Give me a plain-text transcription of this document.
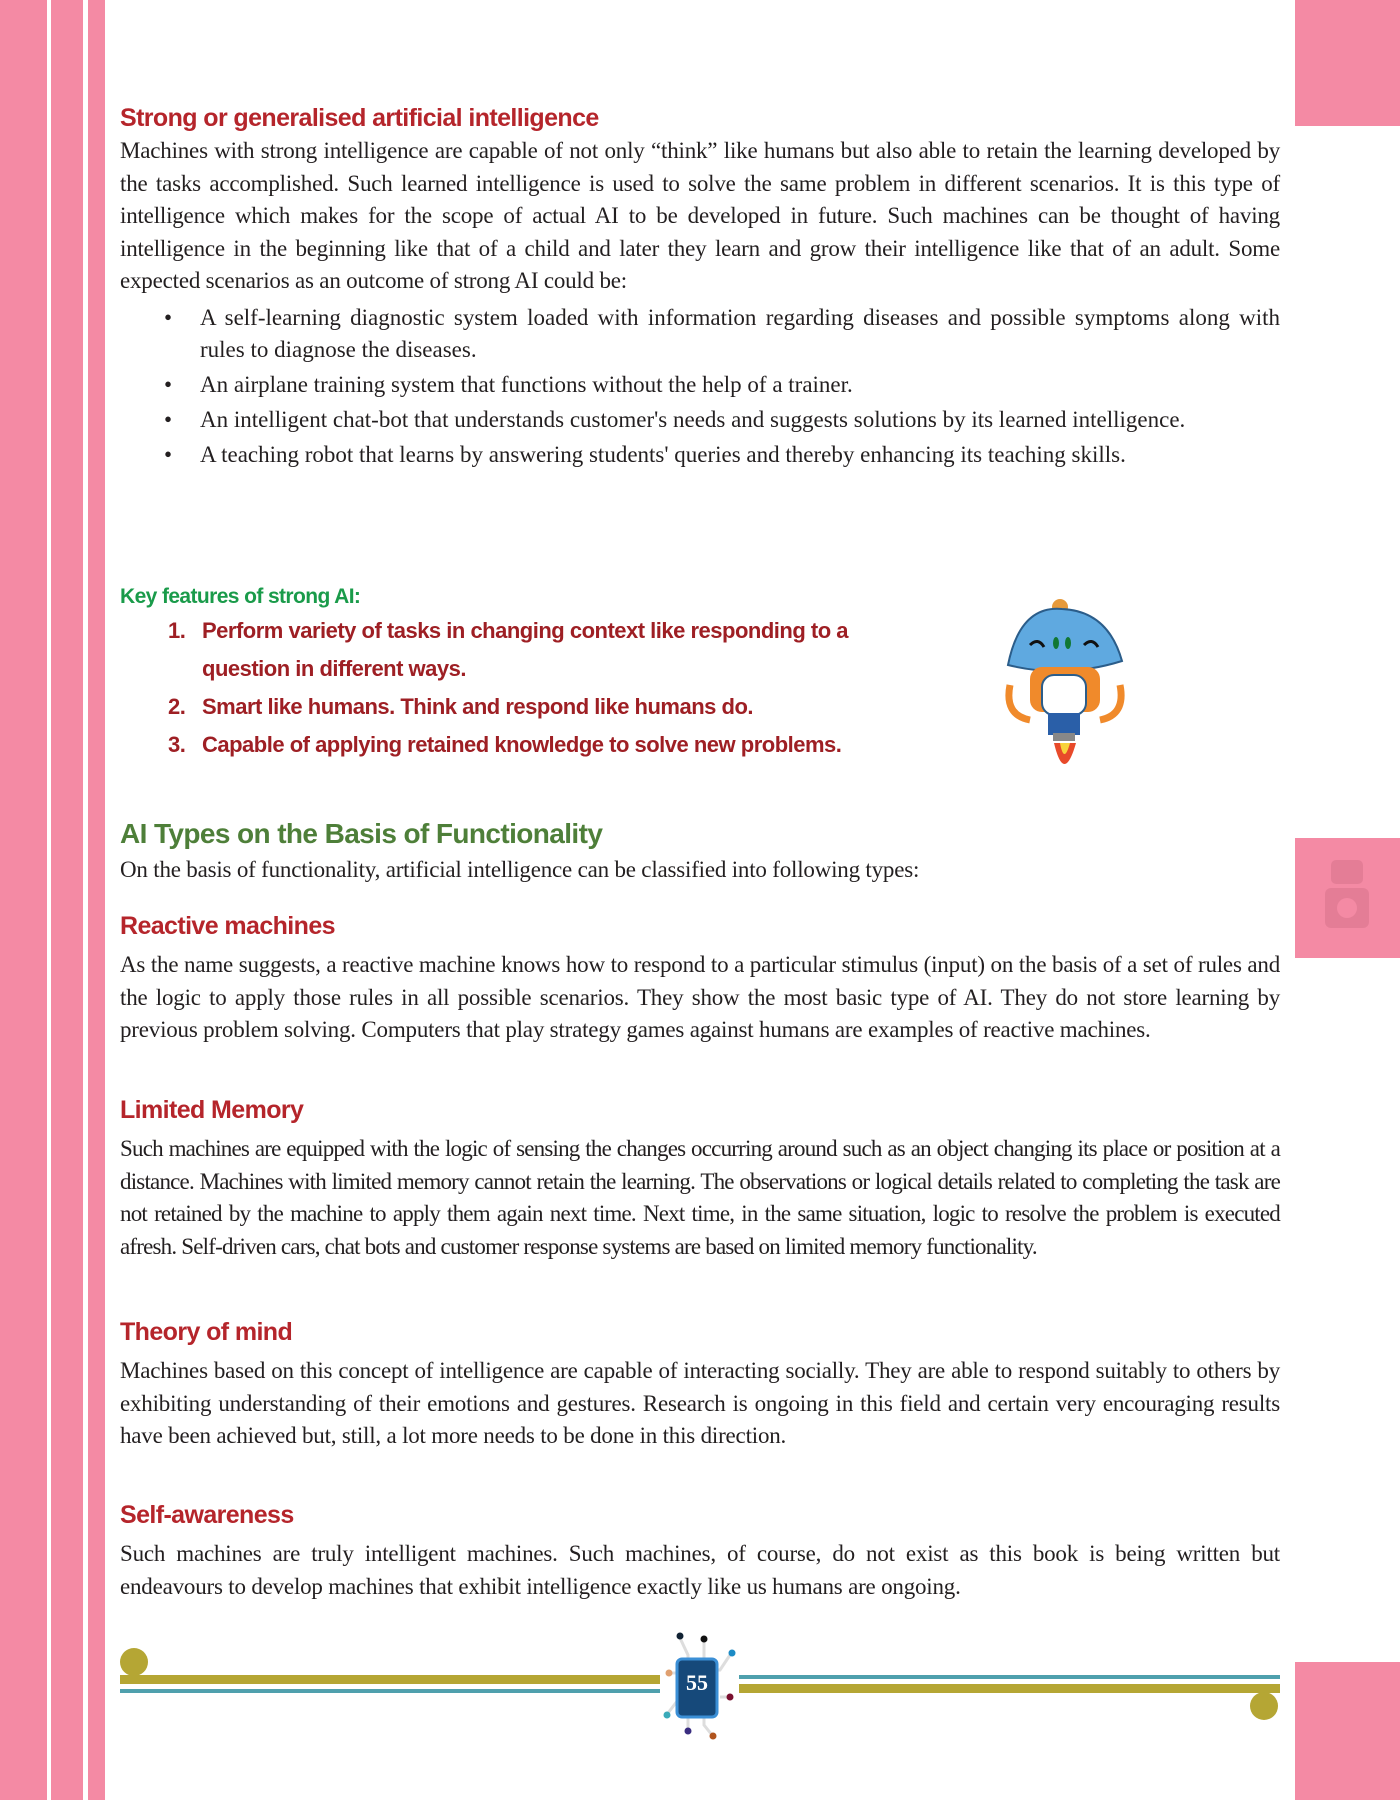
Strong or generalised artificial intelligence

Machines with strong intelligence are capable of not only “think” like humans but also able to retain the learning developed by the tasks accomplished. Such learned intelligence is used to solve the same problem in different scenarios. It is this type of intelligence which makes for the scope of actual AI to be developed in future. Such machines can be thought of having intelligence in the beginning like that of a child and later they learn and grow their intelligence like that of an adult. Some expected scenarios as an outcome of strong AI could be:

• A self-learning diagnostic system loaded with information regarding diseases and possible symptoms along with rules to diagnose the diseases.
• An airplane training system that functions without the help of a trainer.
• An intelligent chat-bot that understands customer's needs and suggests solutions by its learned intelligence.
• A teaching robot that learns by answering students' queries and thereby enhancing its teaching skills.
Key features of strong AI:
1. Perform variety of tasks in changing context like responding to a question in different ways.
2. Smart like humans. Think and respond like humans do.
3. Capable of applying retained knowledge to solve new problems.
AI Types on the Basis of Functionality

On the basis of functionality, artificial intelligence can be classified into following types:

Reactive machines

As the name suggests, a reactive machine knows how to respond to a particular stimulus (input) on the basis of a set of rules and the logic to apply those rules in all possible scenarios. They show the most basic type of AI. They do not store learning by previous problem solving. Computers that play strategy games against humans are examples of reactive machines.

Limited Memory

Such machines are equipped with the logic of sensing the changes occurring around such as an object changing its place or position at a distance. Machines with limited memory cannot retain the learning. The observations or logical details related to completing the task are not retained by the machine to apply them again next time. Next time, in the same situation, logic to resolve the problem is executed afresh. Self-driven cars, chat bots and customer response systems are based on limited memory functionality.

Theory of mind

Machines based on this concept of intelligence are capable of interacting socially. They are able to respond suitably to others by exhibiting understanding of their emotions and gestures. Research is ongoing in this field and certain very encouraging results have been achieved but, still, a lot more needs to be done in this direction.

Self-awareness

Such machines are truly intelligent machines. Such machines, of course, do not exist as this book is being written but endeavours to develop machines that exhibit intelligence exactly like us humans are ongoing.

55
